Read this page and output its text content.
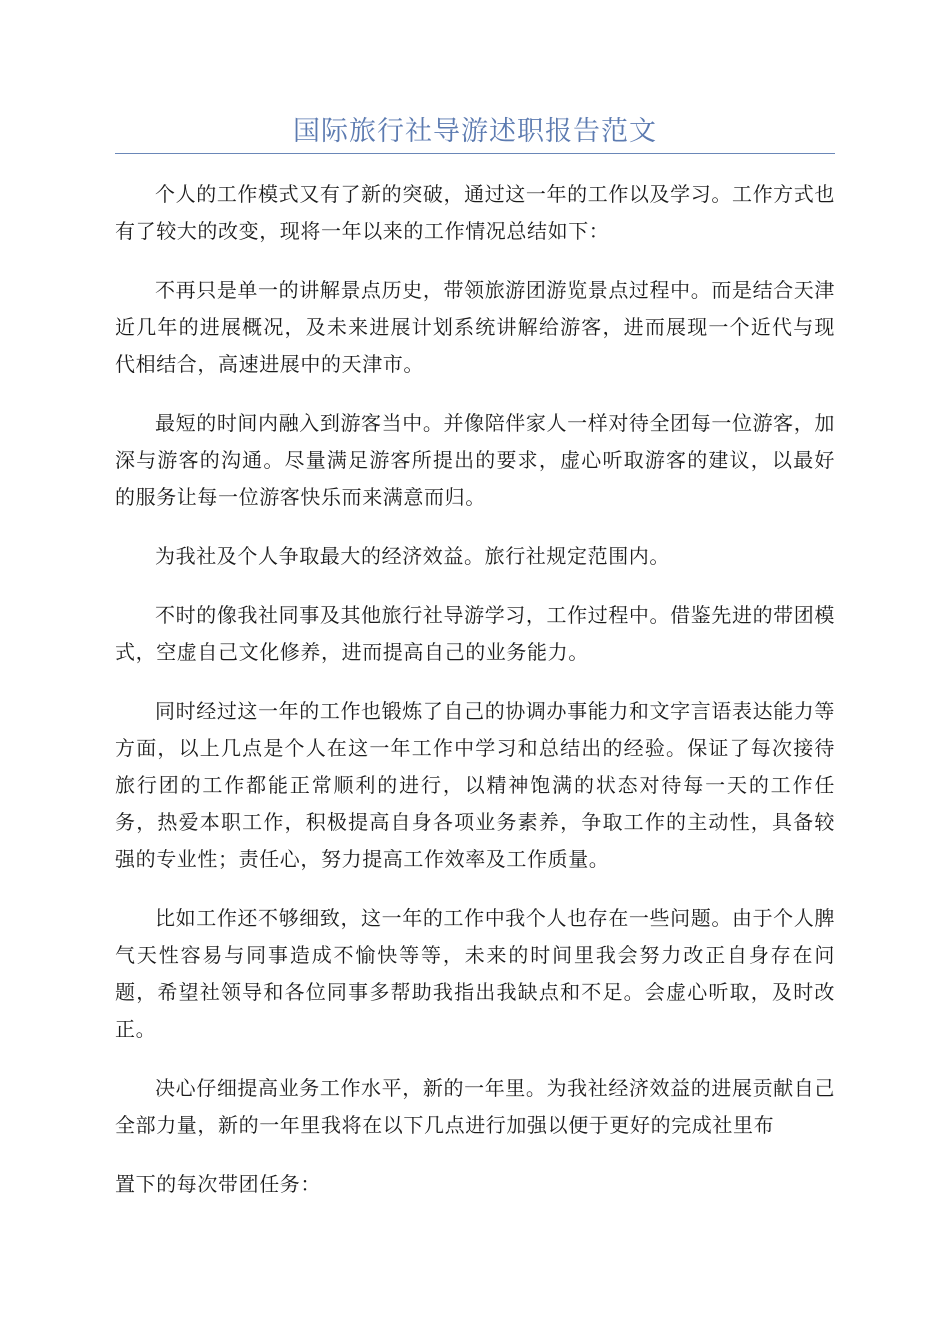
国际旅行社导游述职报告范文

个人的工作模式又有了新的突破，通过这一年的工作以及学习。工作方式也有了较大的改变，现将一年以来的工作情况总结如下：

不再只是单一的讲解景点历史，带领旅游团游览景点过程中。而是结合天津近几年的进展概况，及未来进展计划系统讲解给游客，进而展现一个近代与现代相结合，高速进展中的天津市。

最短的时间内融入到游客当中。并像陪伴家人一样对待全团每一位游客，加深与游客的沟通。尽量满足游客所提出的要求，虚心听取游客的建议，以最好的服务让每一位游客快乐而来满意而归。

为我社及个人争取最大的经济效益。旅行社规定范围内。

不时的像我社同事及其他旅行社导游学习，工作过程中。借鉴先进的带团模式，空虚自己文化修养，进而提高自己的业务能力。

同时经过这一年的工作也锻炼了自己的协调办事能力和文字言语表达能力等方面，以上几点是个人在这一年工作中学习和总结出的经验。保证了每次接待旅行团的工作都能正常顺利的进行，以精神饱满的状态对待每一天的工作任务，热爱本职工作，积极提高自身各项业务素养，争取工作的主动性，具备较强的专业性；责任心，努力提高工作效率及工作质量。

比如工作还不够细致，这一年的工作中我个人也存在一些问题。由于个人脾气天性容易与同事造成不愉快等等，未来的时间里我会努力改正自身存在问题，希望社领导和各位同事多帮助我指出我缺点和不足。会虚心听取，及时改正。

决心仔细提高业务工作水平，新的一年里。为我社经济效益的进展贡献自己全部力量，新的一年里我将在以下几点进行加强以便于更好的完成社里布

置下的每次带团任务：
